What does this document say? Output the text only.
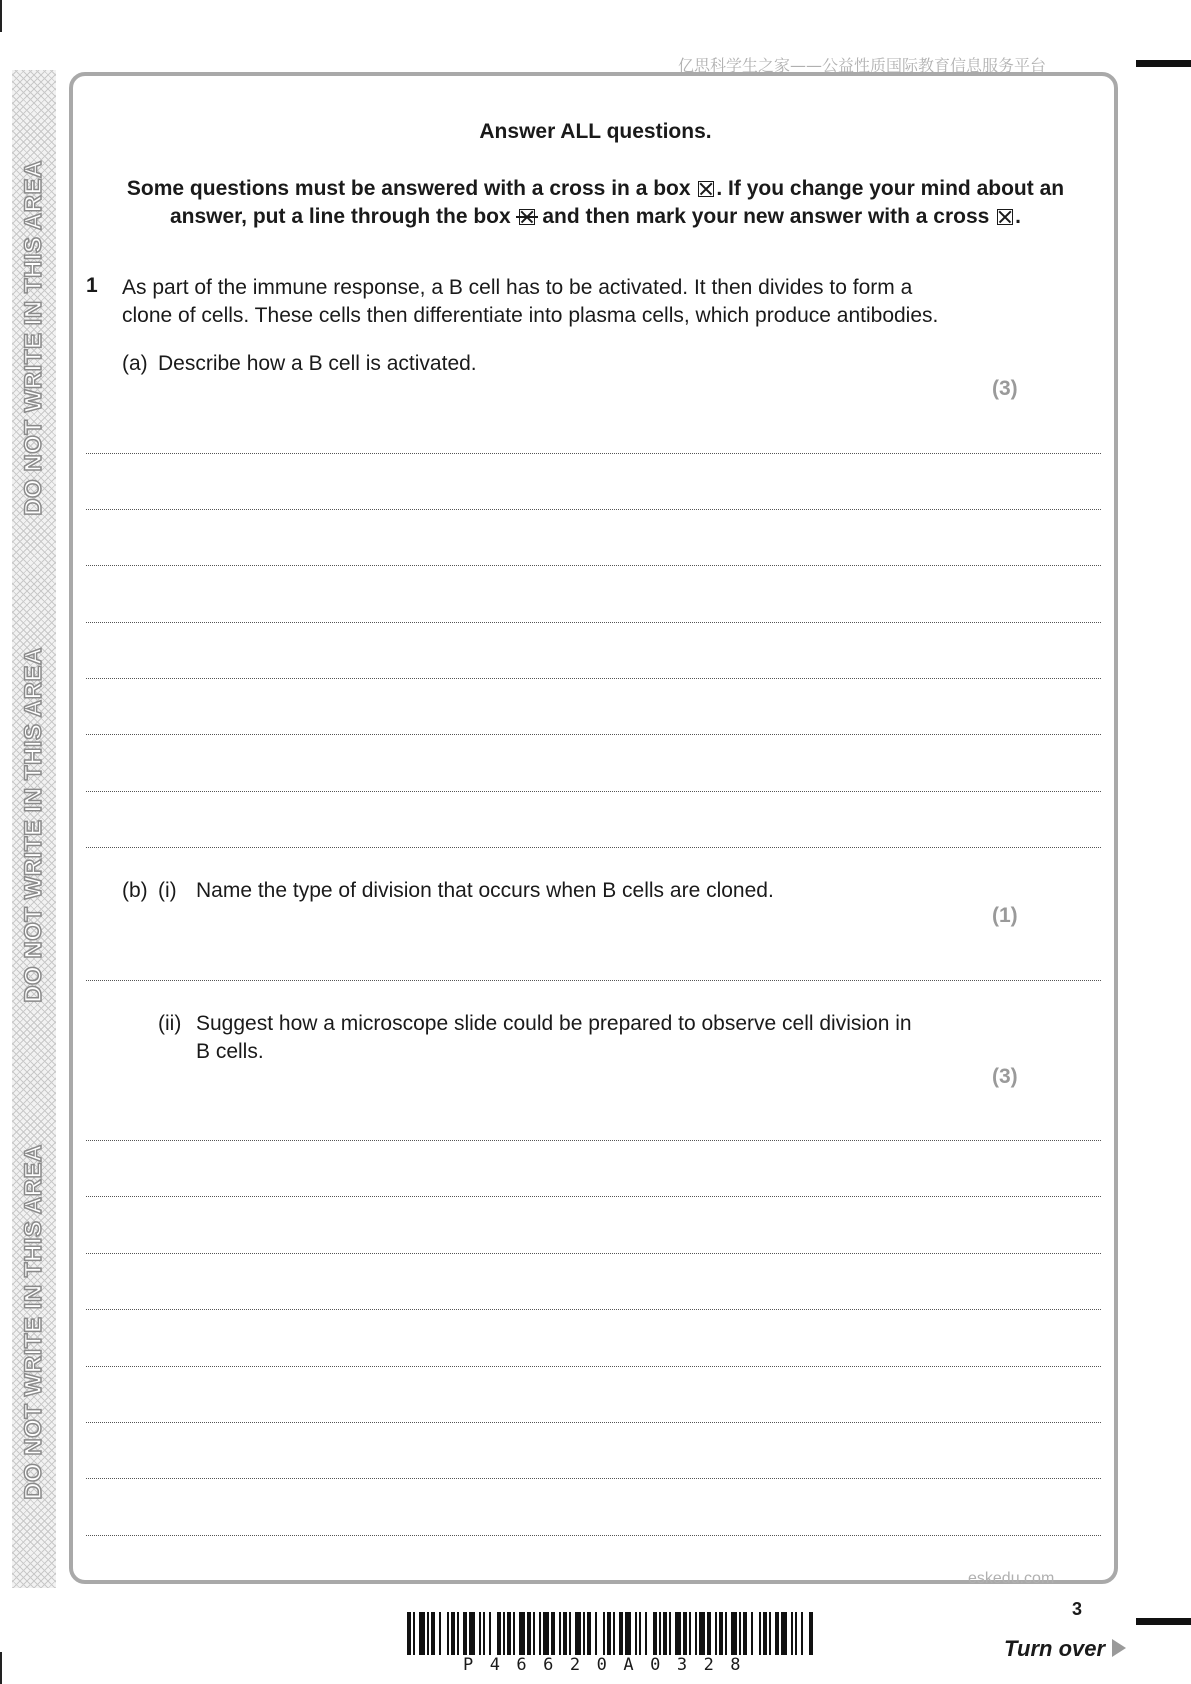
DO NOT WRITE IN THIS AREA
DO NOT WRITE IN THIS AREA
DO NOT WRITE IN THIS AREA
亿思科学生之家——公益性质国际教育信息服务平台
Answer ALL questions.
Some questions must be answered with a cross in a box ☒ . If you change your mind about an
answer, put a line through the box and then mark your new answer with a cross ☒ .
1 As part of the immune response, a B cell has to be activated. It then divides to form a
clone of cells. These cells then differentiate into plasma cells, which produce antibodies.
(a) Describe how a B cell is activated.
(3)
(b) (i) Name the type of division that occurs when B cells are cloned.
(1)
(ii) Suggest how a microscope slide could be prepared to observe cell division in
B cells.
(3)
eskedu.com
3
Turn over
P46620A0328
